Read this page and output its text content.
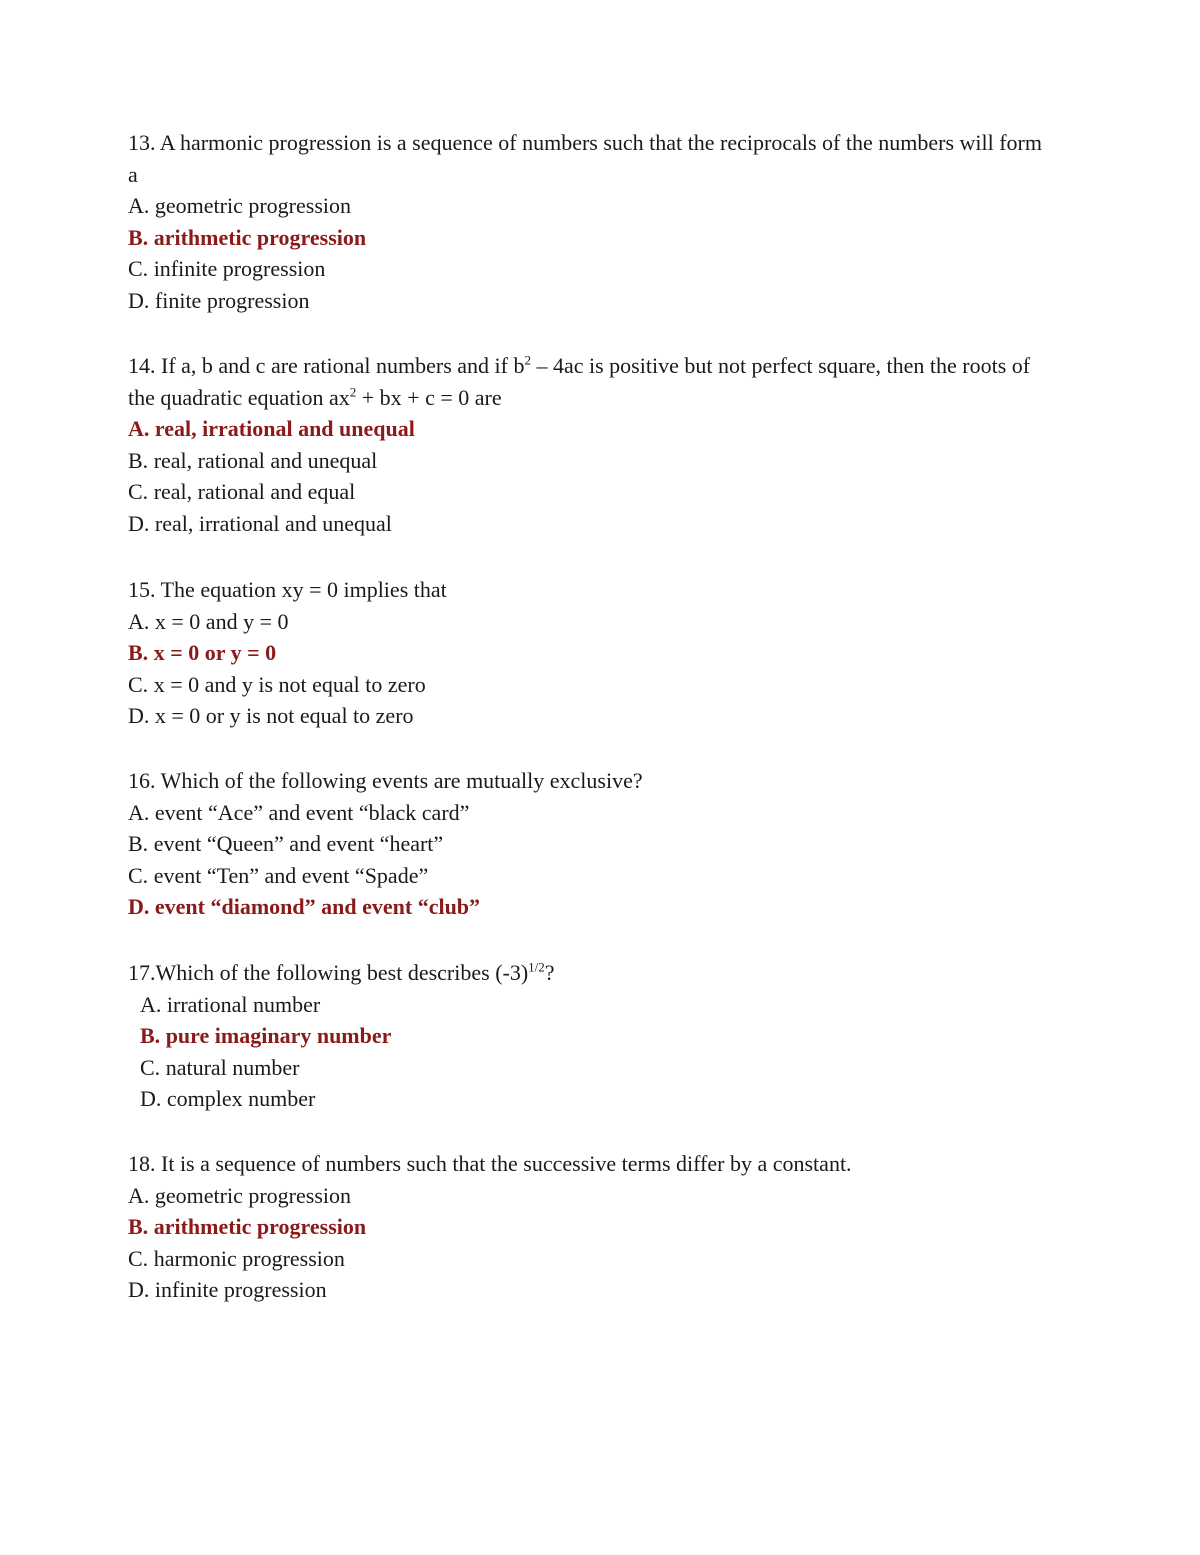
13. A harmonic progression is a sequence of numbers such that the reciprocals of the numbers will form a

A. geometric progression

B. arithmetic progression

C. infinite progression

D. finite progression

14. If a, b and c are rational numbers and if $b^2 - 4ac$ is positive but not perfect square, then the roots of the quadratic equation $ax^2$ + bx + c = 0 are

A. real, irrational and unequal

B. real, rational and unequal

C. real, rational and equal

D. real, irrational and unequal

15. The equation xy = 0 implies that

A. x = 0 and y = 0

B. x = 0 or y = 0

C. x = 0 and y is not equal to zero

D. x = 0 or y is not equal to zero

16. Which of the following events are mutually exclusive?

A. event “Ace” and event “black card”

B. event “Queen” and event “heart”

C. event “Ten” and event “Spade”

D. event “diamond” and event “club”

17.Which of the following best describes $(-3)^{1/2}$?

A. irrational number

B. pure imaginary number

C. natural number

D. complex number

18. It is a sequence of numbers such that the successive terms differ by a constant.

A. geometric progression

B. arithmetic progression

C. harmonic progression

D. infinite progression
